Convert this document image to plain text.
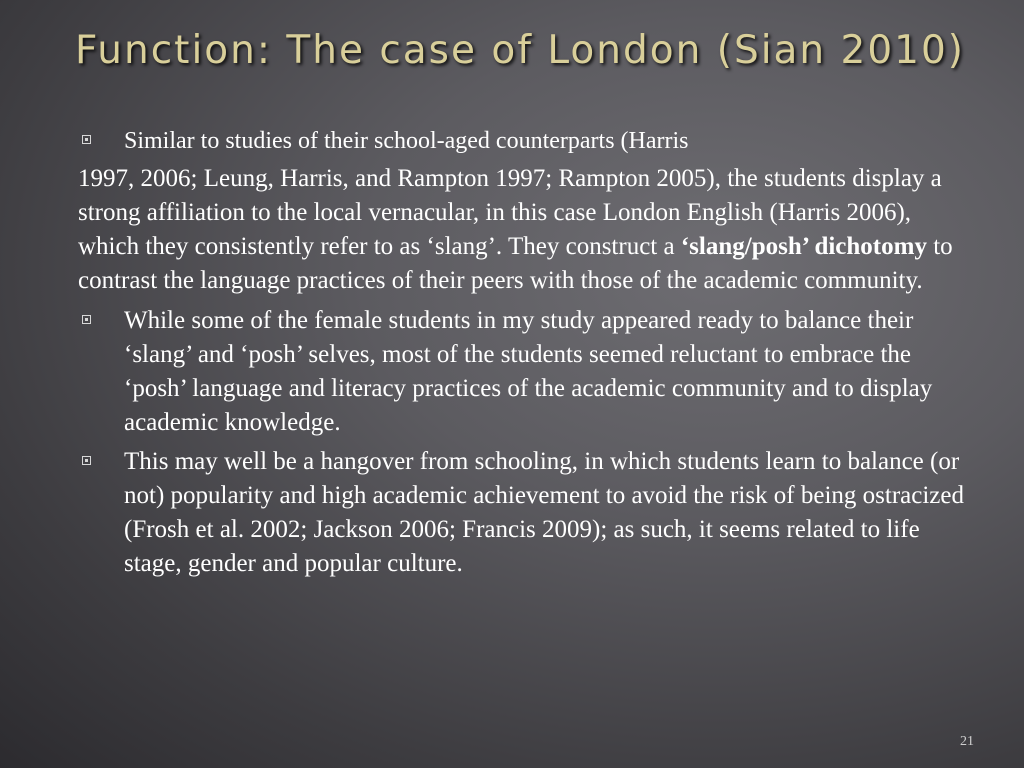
Function: The case of London (Sian 2010)
Similar to studies of their school-aged counterparts (Harris

1997, 2006; Leung, Harris, and Rampton 1997; Rampton 2005), the students display a strong affiliation to the local vernacular, in this case London English (Harris 2006), which they consistently refer to as ‘slang’. They construct a ‘slang/posh’ dichotomy to contrast the language practices of their peers with those of the academic community.

While some of the female students in my study appeared ready to balance their ‘slang’ and ‘posh’ selves, most of the students seemed reluctant to embrace the ‘posh’ language and literacy practices of the academic community and to display academic knowledge.
This may well be a hangover from schooling, in which students learn to balance (or not) popularity and high academic achievement to avoid the risk of being ostracized (Frosh et al. 2002; Jackson 2006; Francis 2009); as such, it seems related to life stage, gender and popular culture.
21
